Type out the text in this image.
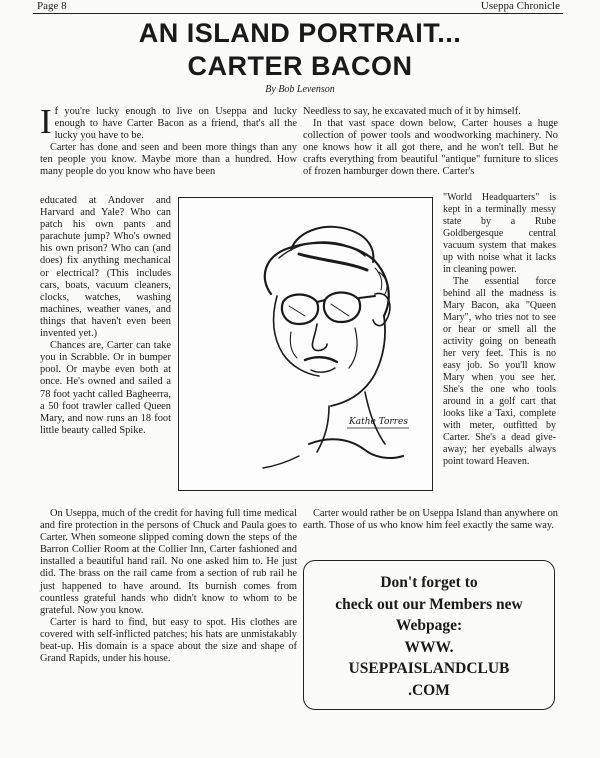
Page 8	Useppa Chronicle
AN ISLAND PORTRAIT...
CARTER BACON
By Bob Levenson

If you're lucky enough to live on Useppa and lucky enough to have Carter Bacon as a friend, that's all the lucky you have to be.

Carter has done and seen and been more things than any ten people you know. Maybe more than a hundred. How many people do you know who have been

educated at Andover and Harvard and Yale? Who can patch his own pants and parachute jump? Who's owned his own prison? Who can (and does) fix anything mechanical or electrical? (This includes cars, boats, vacuum cleaners, clocks, watches, washing machines, weather vanes, and things that haven't even been invented yet.)

Chances are, Carter can take you in Scrabble. Or in bumper pool. Or maybe even both at once. He's owned and sailed a 78 foot yacht called Bagheerra, a 50 foot trawler called Queen Mary, and now runs an 18 foot little beauty called Spike.

On Useppa, much of the credit for having full time medical and fire protection in the persons of Chuck and Paula goes to Carter. When someone slipped coming down the steps of the Barron Collier Room at the Collier Inn, Carter fashioned and installed a beautiful hand rail. No one asked him to. He just did. The brass on the rail came from a section of rub rail he just happened to have around. Its burnish comes from countless grateful hands who didn't know to whom to be grateful. Now you know.

Carter is hard to find, but easy to spot. His clothes are covered with self-inflicted patches; his hats are unmistakably beat-up. His domain is a space about the size and shape of Grand Rapids, under his house.

Needless to say, he excavated much of it by himself.

In that vast space down below, Carter houses a huge collection of power tools and woodworking machinery. No one knows how it all got there, and he won't tell. But he crafts everything from beautiful "antique" furniture to slices of frozen hamburger down there. Carter's

"World Headquarters" is kept in a terminally messy state by a Rube Goldbergesque central vacuum system that makes up with noise what it lacks in cleaning power.

The essential force behind all the madness is Mary Bacon, aka "Queen Mary", who tries not to see or hear or smell all the activity going on beneath her very feet. This is no easy job. So you'll know Mary when you see her. She's the one who tools around in a golf cart that looks like a Taxi, complete with meter, outfitted by Carter. She's a dead give-away; her eyeballs always point toward Heaven.

Carter would rather be on Useppa Island than anywhere on earth. Those of us who know him feel exactly the same way.

Kathe Torres
Don't forget to
check out our Members new
Webpage:
WWW.
USEPPAISLANDCLUB
.COM
